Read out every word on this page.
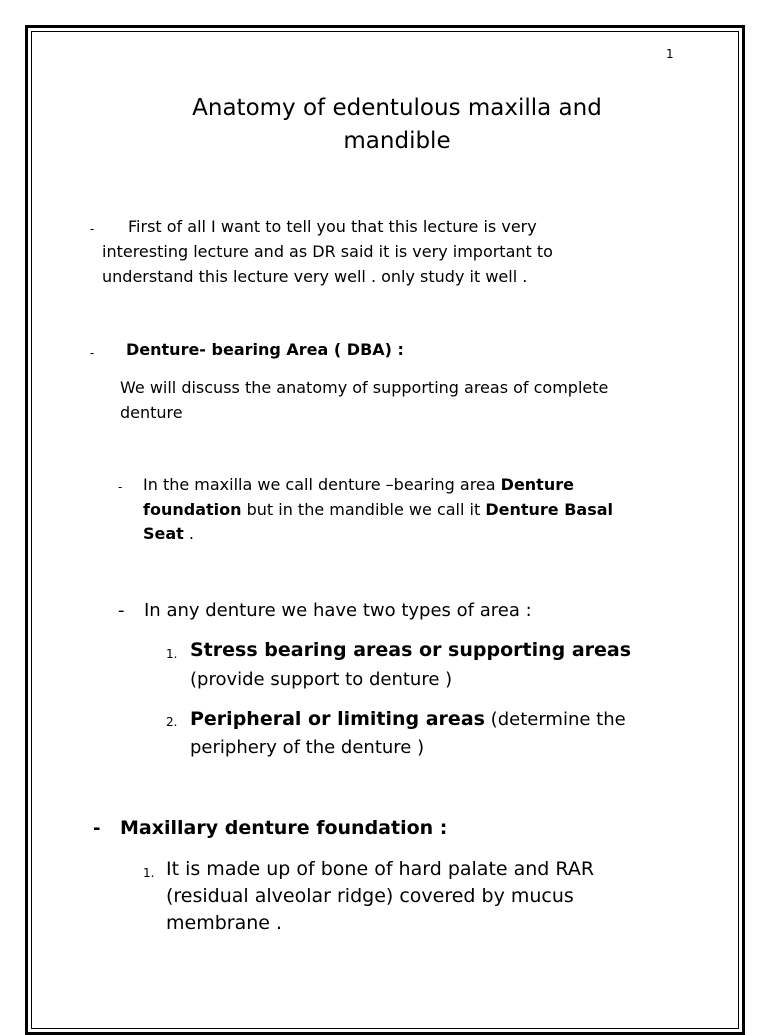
1
Anatomy of edentulous maxilla and mandible
- First of all I want to tell you that this lecture is very
interesting lecture and as DR said it is very important to
understand this lecture very well . only study it well .
- Denture- bearing Area ( DBA) :
We will discuss the anatomy of supporting areas of complete
denture
- In the maxilla we call denture –bearing area Denture
foundation but in the mandible we call it Denture Basal
Seat .
- In any denture we have two types of area :
1. Stress bearing areas or supporting areas
(provide support to denture )
2. Peripheral or limiting areas (determine the
periphery of the denture )
- Maxillary denture foundation :
1. It is made up of bone of hard palate and RAR
(residual alveolar ridge) covered by mucus
membrane .
